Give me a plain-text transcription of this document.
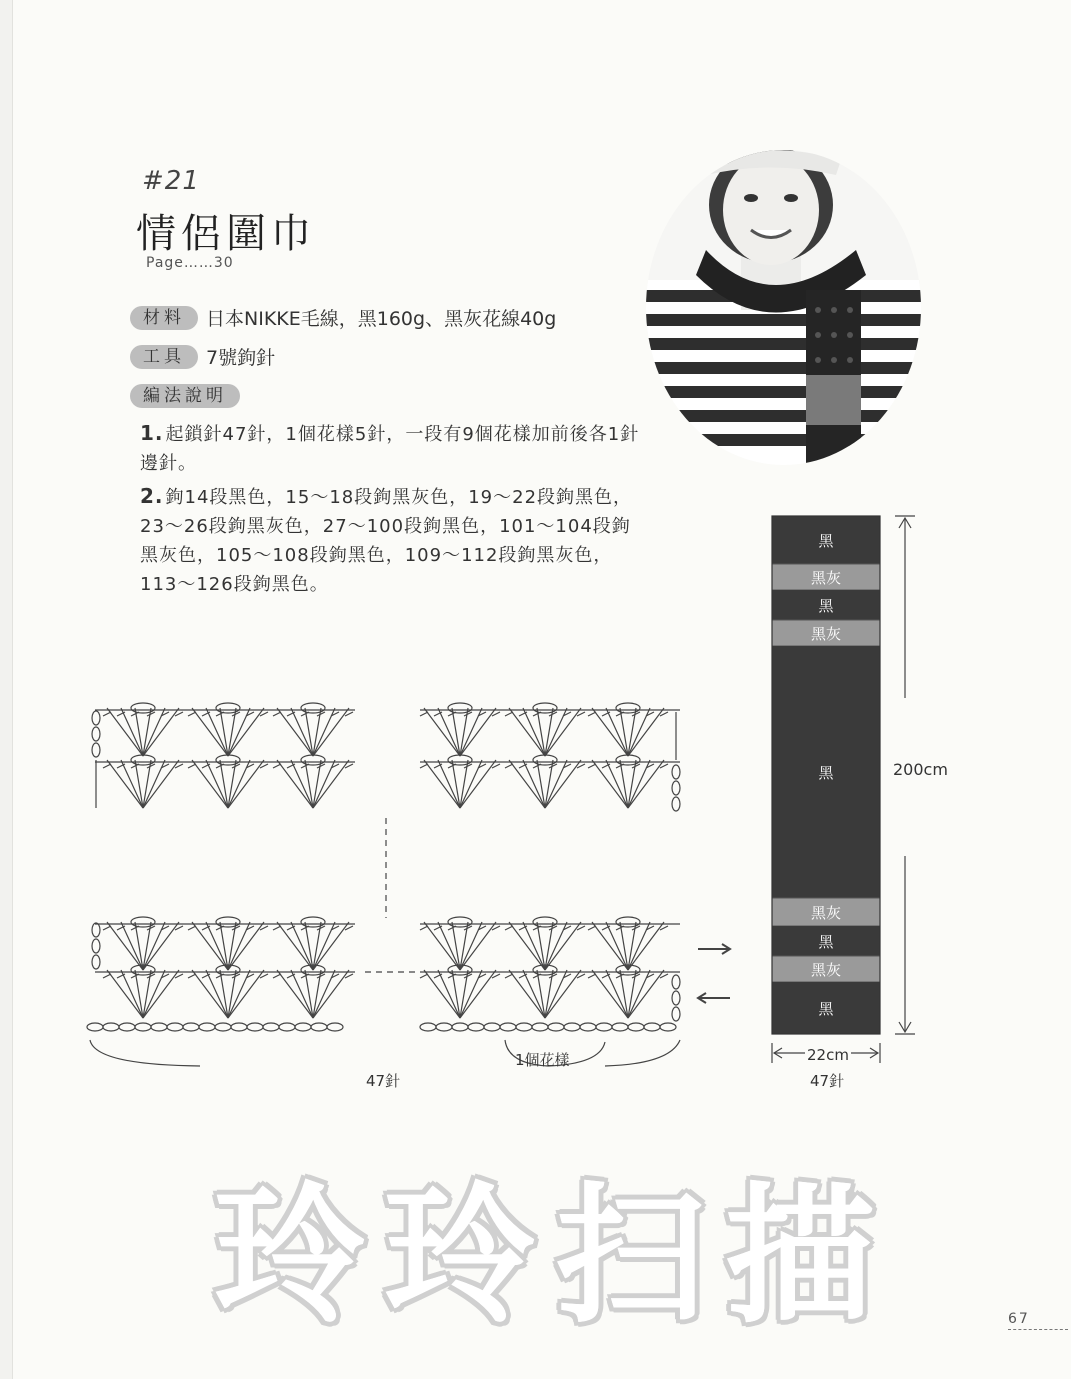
#21
情侶圍巾
Page……30
材料	日本NIKKE毛線，黑160g、黑灰花線40g
工具	7號鉤針
編法說明
1. 起鎖針47針，1個花樣5針，一段有9個花樣加前後各1針邊針。
2. 鉤14段黑色，15～18段鉤黑灰色，19～22段鉤黑色，23～26段鉤黑灰色，27～100段鉤黑色，101～104段鉤黑灰色，105～108段鉤黑色，109～112段鉤黑灰色，113～126段鉤黑色。
1個花樣
47針
200cm
22cm
47針
黑
黑灰
黑
黑灰
黑
黑灰
黑
黑灰
黑
玲玲扫描	67
